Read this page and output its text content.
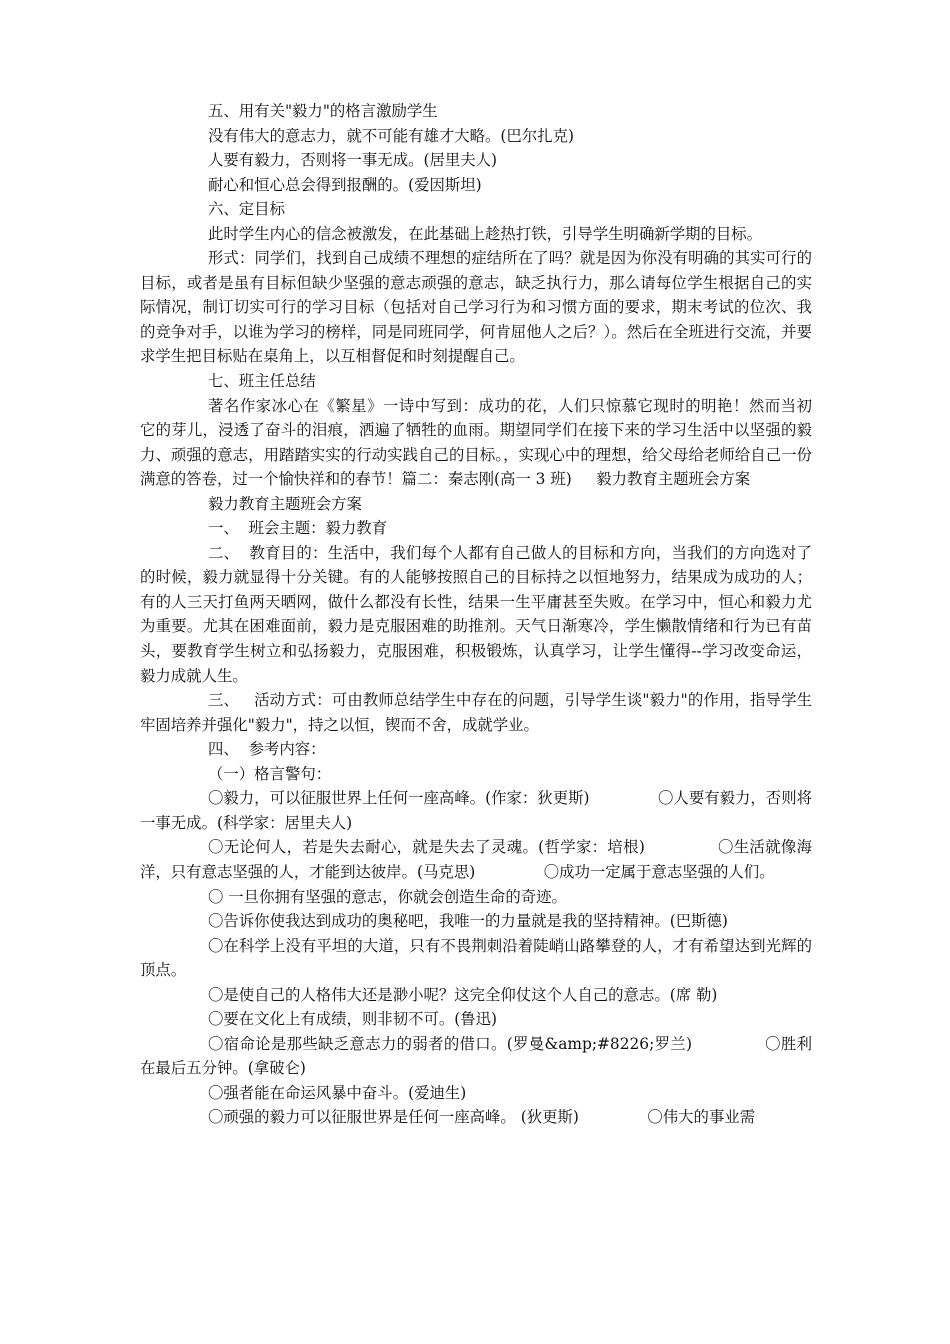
五、用有关"毅力"的格言激励学生

没有伟大的意志力，就不可能有雄才大略。(巴尔扎克)

人要有毅力，否则将一事无成。(居里夫人)

耐心和恒心总会得到报酬的。(爱因斯坦)

六、定目标

此时学生内心的信念被激发，在此基础上趁热打铁，引导学生明确新学期的目标。

形式：同学们，找到自己成绩不理想的症结所在了吗？就是因为你没有明确的其实可行的目标，或者是虽有目标但缺少坚强的意志顽强的意志，缺乏执行力，那么请每位学生根据自己的实际情况，制订切实可行的学习目标（包括对自己学习行为和习惯方面的要求，期末考试的位次、我的竞争对手，以谁为学习的榜样，同是同班同学，何肯屈他人之后？）。然后在全班进行交流，并要求学生把目标贴在桌角上，以互相督促和时刻提醒自己。

七、班主任总结

著名作家冰心在《繁星》一诗中写到：成功的花，人们只惊慕它现时的明艳！然而当初 它的芽儿，浸透了奋斗的泪痕，洒遍了牺牲的血雨。期望同学们在接下来的学习生活中以坚强的毅力、顽强的意志，用踏踏实实的行动实践自己的目标。，实现心中的理想，给父母给老师给自己一份满意的答卷，过一个愉快祥和的春节！篇二：秦志刚(高一 3 班)     毅力教育主题班会方案

毅力教育主题班会方案

一、  班会主题：毅力教育

二、  教育目的：生活中，我们每个人都有自己做人的目标和方向，当我们的方向选对了的时候，毅力就显得十分关键。有的人能够按照自己的目标持之以恒地努力，结果成为成功的人；有的人三天打鱼两天晒网，做什么都没有长性，结果一生平庸甚至失败。在学习中，恒心和毅力尤为重要。尤其在困难面前，毅力是克服困难的助推剂。天气日渐寒冷，学生懒散情绪和行为已有苗头，要教育学生树立和弘扬毅力，克服困难，积极锻炼，认真学习，让学生懂得--学习改变命运，毅力成就人生。

三、   活动方式：可由教师总结学生中存在的问题，引导学生谈"毅力"的作用，指导学生牢固培养并强化"毅力"，持之以恒，锲而不舍，成就学业。

四、  参考内容：

（一）格言警句：

〇毅力，可以征服世界上任何一座高峰。(作家：狄更斯)              〇人要有毅力，否则将一事无成。(科学家：居里夫人)

〇无论何人，若是失去耐心，就是失去了灵魂。(哲学家：培根)              〇生活就像海洋，只有意志坚强的人，才能到达彼岸。(马克思)              〇成功一定属于意志坚强的人们。

〇 一旦你拥有坚强的意志，你就会创造生命的奇迹。

〇告诉你使我达到成功的奥秘吧，我唯一的力量就是我的坚持精神。(巴斯德)

〇在科学上没有平坦的大道，只有不畏荆刺沿着陡峭山路攀登的人，才有希望达到光辉的顶点。

〇是使自己的人格伟大还是渺小呢？这完全仰仗这个人自己的意志。(席 勒)

〇要在文化上有成绩，则非韧不可。(鲁迅)

〇宿命论是那些缺乏意志力的弱者的借口。(罗曼&amp;#8226;罗兰)              〇胜利在最后五分钟。(拿破仑)

〇强者能在命运风暴中奋斗。(爱迪生)

〇顽强的毅力可以征服世界是任何一座高峰。 (狄更斯)              〇伟大的事业需
